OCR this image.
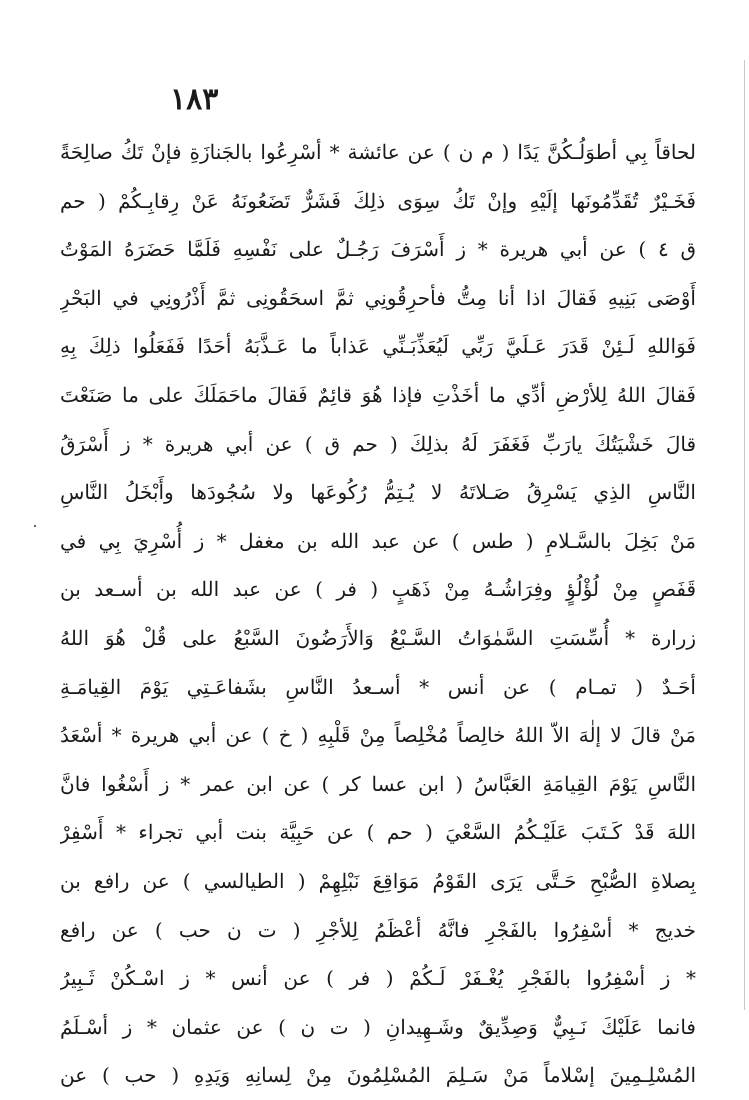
١٨٣
لحاقاً بِي أطوَلُـكُنَّ يَدًا ( م ن ) عن عائشة * أسْرِعُوا بالجَنازَةِ فإنْ تَكُ صالِحَةً
فَخَـيْرٌ تُقَدِّمُونَها إلَيْهِ وإنْ تَكُ سِوَى ذلِكَ فَشَرٌّ تَضَعُونَهُ عَنْ رِقابِـكُمْ ( حم
ق ٤ ) عن أبي هريرة * ز أَسْرَفَ رَجُـلٌ على نَفْسِهِ فَلَمَّا حَضَرَهُ المَوْتُ
أَوْصَى بَنِيهِ فَقالَ اذا أنا مِتُّ فأحرِقُونِي ثمَّ اسحَقُونِى ثمَّ أَذْرُونِي في البَحْرِ
فَوَاللهِ لَـئِنْ قَدَرَ عَـلَيَّ رَبِّي لَيُعَذِّبَـنِّي عَذاباً ما عَـذَّبَهُ أحَدًا فَفَعَلُوا ذلِكَ بِهِ
فَقالَ اللهُ لِلأرْضِ أدِّي ما أخَذْتِ فإذا هُوَ قائِمٌ فَقالَ ماحَمَلَكَ على ما صَنَعْتَ
قالَ خَشْيَتُكَ يارَبِّ فَغَفَرَ لَهُ بذلِكَ ( حم ق ) عن أبي هريرة * ز أَسْرَقُ
النَّاسِ الذِي يَسْرِقُ صَـلاتَهُ لا يُـتِمُّ رُكُوعَها ولا سُجُودَها وأَبْخَلُ النَّاسِ
مَنْ بَخِلَ بالسَّـلامِ ( طس ) عن عبد الله بن مغفل * ز أُسْرِيَ بِي في
قَفَصٍ مِنْ لُؤْلُؤٍ وفِرَاشُـهُ مِنْ ذَهَبٍ ( فر ) عن عبد الله بن أسـعد بن
زرارة * أُسِّسَتِ السَّمٰوَاتُ السَّـبْعُ وَالأَرَضُونَ السَّبْعُ على قُلْ هُوَ اللهُ
أحَـدٌ ( تمـام ) عن أنس * أسـعدُ النَّاسِ بشَفاعَـتِي يَوْمَ القِيامَـةِ
مَنْ قالَ لا إلٰهَ الاّ اللهُ خالِصاً مُخْلِصاً مِنْ قَلْبِهِ ( خ ) عن أبي هريرة * أسْعَدُ
النَّاسِ يَوْمَ القِيامَةِ العَبَّاسُ ( ابن عسا كر ) عن ابن عمر * ز أَسْغُوا فانَّ
اللهَ قَدْ كَـتَبَ عَلَيْـكُمُ السَّعْيَ ( حم ) عن حَبِيَّة بنت أبي تجراء * أَسْفِرْ
بِصلاةِ الصُّبْحِ حَـتَّى يَرَى القَوْمُ مَوَاقِعَ نَبْلِهِمْ ( الطيالسي ) عن رافع بن
خديج * أسْفِرُوا بالفَجْرِ فانَّهُ أعْظَمُ لِلأجْرِ ( ت ن حب ) عن رافع
* ز أسْفِرُوا بالفَجْرِ يُغْـفَرْ لَـكُمْ ( فر ) عن أنس * ز اسْـكُنْ ثَـبِيرُ
فانما عَلَيْكَ نَـبِيٌّ وَصِدِّيقٌ وشَـهِيدانِ ( ت ن ) عن عثمان * ز أسْـلَمُ
المُسْلِـمِينَ إسْلاماً مَنْ سَـلِمَ المُسْلِمُونَ مِنْ لِسانِهِ وَيَدِهِ ( حب ) عن
